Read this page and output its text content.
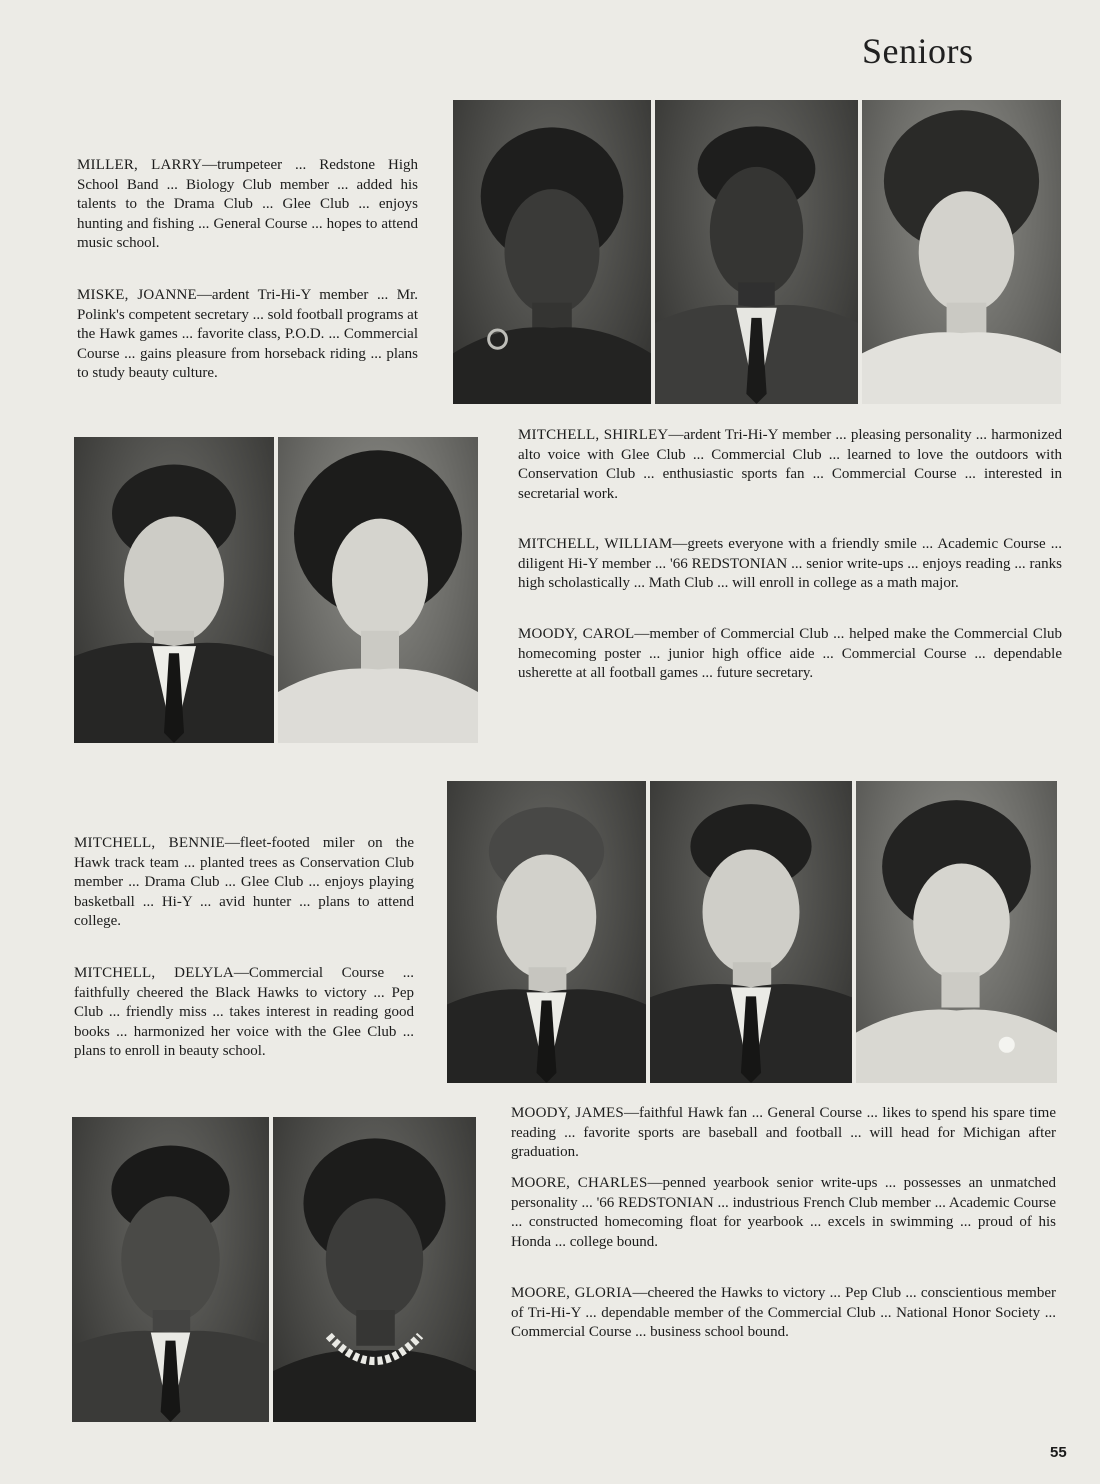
Seniors

MILLER, LARRY—trumpeteer ... Redstone High School Band ... Biology Club member ... added his talents to the Drama Club ... Glee Club ... enjoys hunting and fishing ... General Course ... hopes to attend music school.

MISKE, JOANNE—ardent Tri-Hi-Y member ... Mr. Polink's competent secretary ... sold football programs at the Hawk games ... favorite class, P.O.D. ... Commercial Course ... gains pleasure from horseback riding ... plans to study beauty culture.

MITCHELL, SHIRLEY—ardent Tri-Hi-Y member ... pleasing personality ... harmonized alto voice with Glee Club ... Commercial Club ... learned to love the outdoors with Conservation Club ... enthusiastic sports fan ... Commercial Course ... interested in secretarial work.

MITCHELL, WILLIAM—greets everyone with a friendly smile ... Academic Course ... diligent Hi-Y member ... '66 REDSTONIAN ... senior write-ups ... enjoys reading ... ranks high scholastically ... Math Club ... will enroll in college as a math major.

MOODY, CAROL—member of Commercial Club ... helped make the Commercial Club homecoming poster ... junior high office aide ... Commercial Course ... dependable usherette at all football games ... future secretary.

MITCHELL, BENNIE—fleet-footed miler on the Hawk track team ... planted trees as Conservation Club member ... Drama Club ... Glee Club ... enjoys playing basketball ... Hi-Y ... avid hunter ... plans to attend college.

MITCHELL, DELYLA—Commercial Course ... faithfully cheered the Black Hawks to victory ... Pep Club ... friendly miss ... takes interest in reading good books ... harmonized her voice with the Glee Club ... plans to enroll in beauty school.

MOODY, JAMES—faithful Hawk fan ... General Course ... likes to spend his spare time reading ... favorite sports are baseball and football ... will head for Michigan after graduation.

MOORE, CHARLES—penned yearbook senior write-ups ... possesses an unmatched personality ... '66 REDSTONIAN ... industrious French Club member ... Academic Course ... constructed homecoming float for yearbook ... excels in swimming ... proud of his Honda ... college bound.

MOORE, GLORIA—cheered the Hawks to victory ... Pep Club ... conscientious member of Tri-Hi-Y ... dependable member of the Commercial Club ... National Honor Society ... Commercial Course ... business school bound.

55
